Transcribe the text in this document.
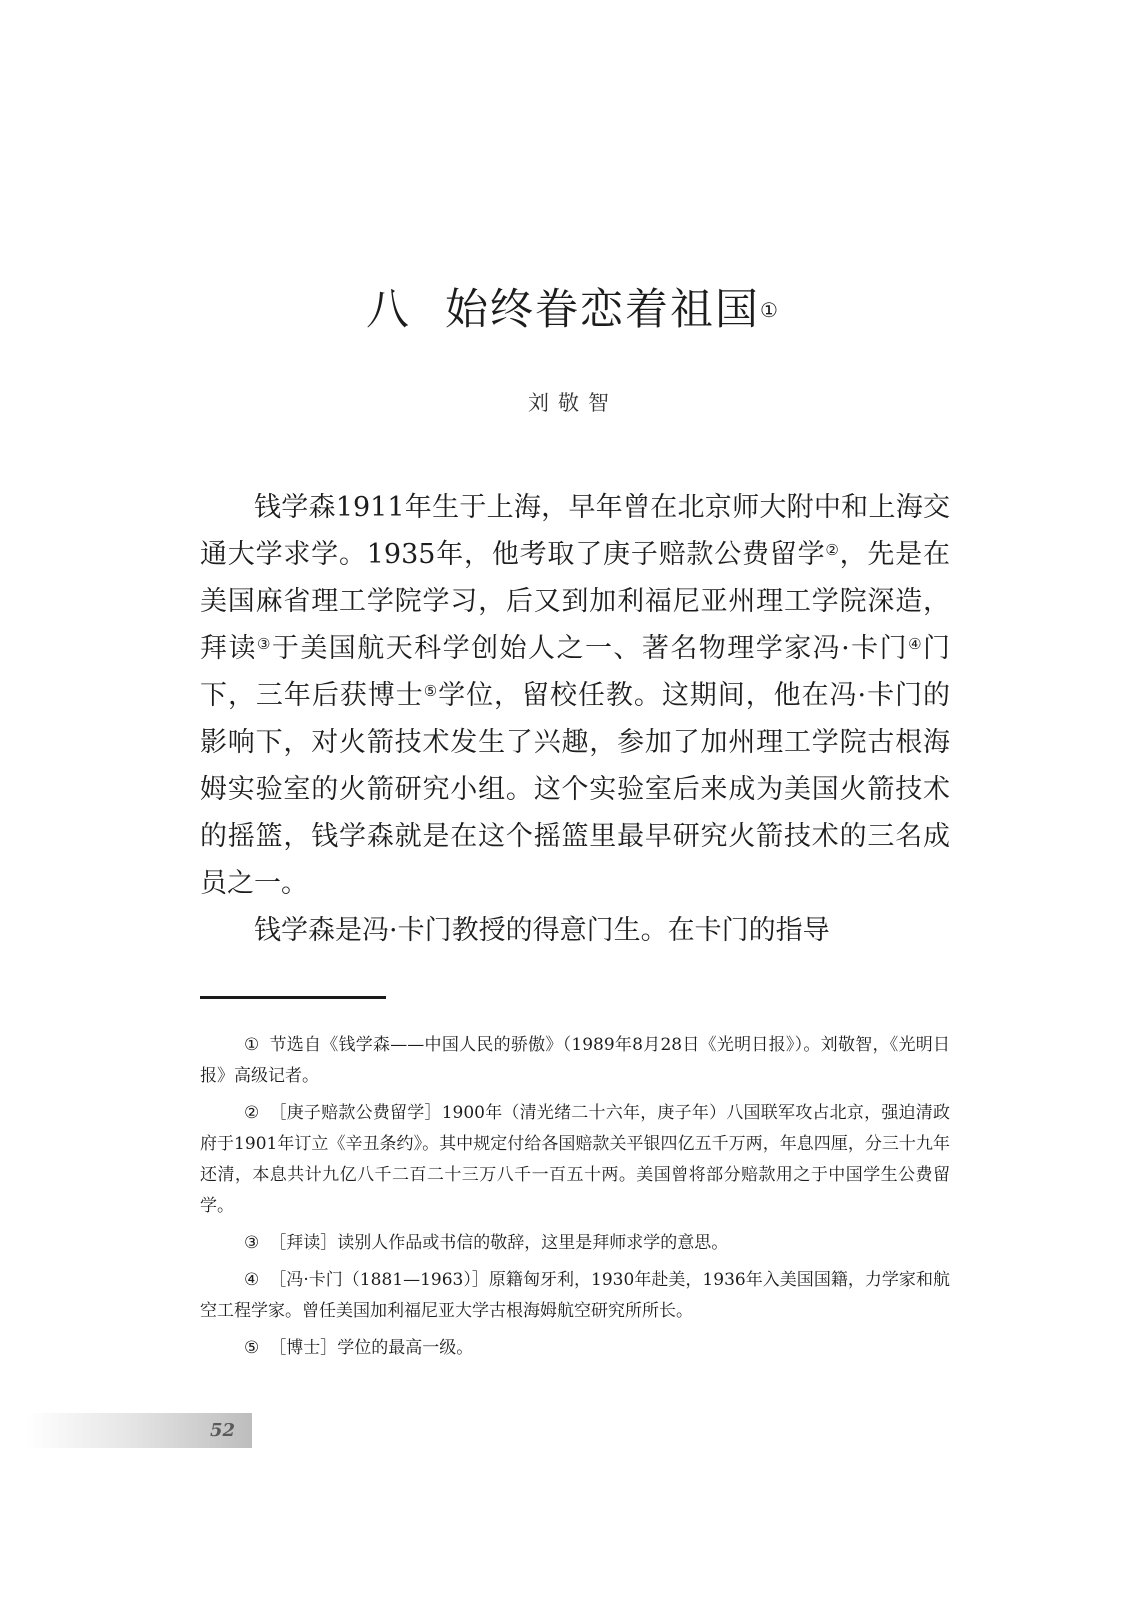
八 始终眷恋着祖国①
刘敬智

钱学森1911年生于上海，早年曾在北京师大附中和上海交通大学求学。1935年，他考取了庚子赔款公费留学②，先是在美国麻省理工学院学习，后又到加利福尼亚州理工学院深造，拜读③于美国航天科学创始人之一、著名物理学家冯·卡门④门下，三年后获博士⑤学位，留校任教。这期间，他在冯·卡门的影响下，对火箭技术发生了兴趣，参加了加州理工学院古根海姆实验室的火箭研究小组。这个实验室后来成为美国火箭技术的摇篮，钱学森就是在这个摇篮里最早研究火箭技术的三名成员之一。

钱学森是冯·卡门教授的得意门生。在卡门的指导

① 节选自《钱学森——中国人民的骄傲》（1989年8月28日《光明日报》）。刘敬智，《光明日报》高级记者。

② ［庚子赔款公费留学］1900年（清光绪二十六年，庚子年）八国联军攻占北京，强迫清政府于1901年订立《辛丑条约》。其中规定付给各国赔款关平银四亿五千万两，年息四厘，分三十九年还清，本息共计九亿八千二百二十三万八千一百五十两。美国曾将部分赔款用之于中国学生公费留学。

③ ［拜读］读别人作品或书信的敬辞，这里是拜师求学的意思。

④ ［冯·卡门（1881—1963）］原籍匈牙利，1930年赴美，1936年入美国国籍，力学家和航空工程学家。曾任美国加利福尼亚大学古根海姆航空研究所所长。

⑤ ［博士］学位的最高一级。

52
